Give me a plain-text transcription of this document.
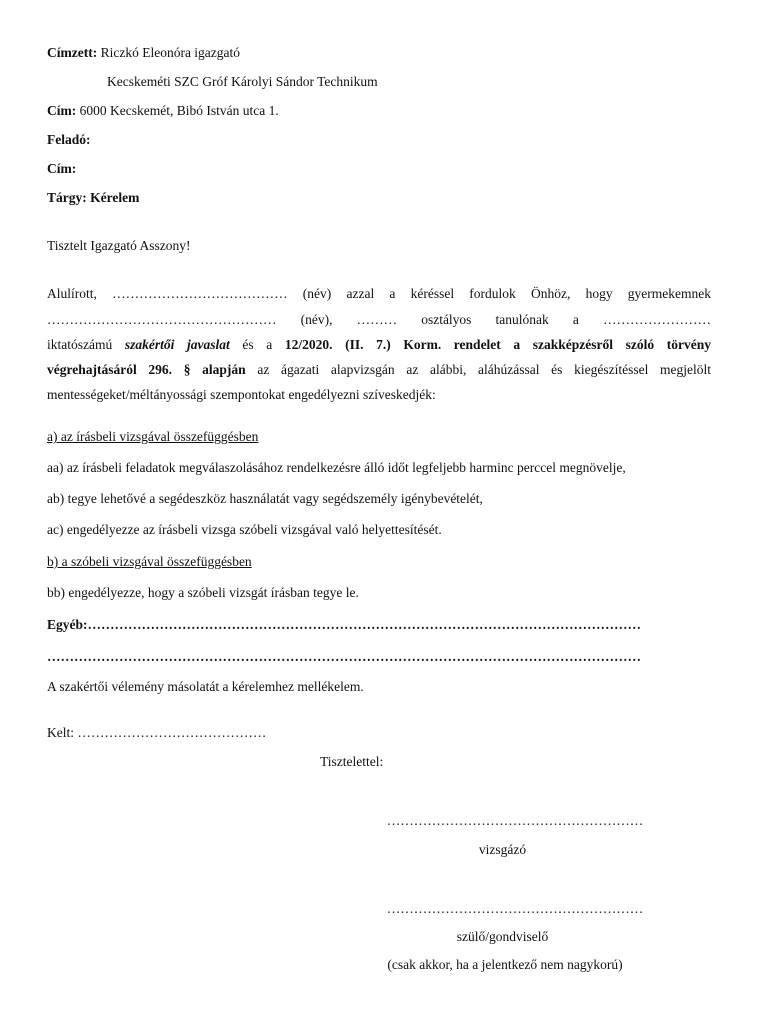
Címzett: Riczkó Eleonóra igazgató
Kecskeméti SZC Gróf Károlyi Sándor Technikum
Cím: 6000 Kecskemét, Bibó István utca 1.
Feladó:
Cím:
Tárgy: Kérelem
Tisztelt Igazgató Asszony!
Alulírott, ………………………………… (név) azzal a kéréssel fordulok Önhöz, hogy gyermekemnek
…………………………………………… (név), ……… osztályos tanulónak a ……………………
iktatószámú szakértői javaslat és a 12/2020. (II. 7.) Korm. rendelet a szakképzésről szóló törvény
végrehajtásáról 296. § alapján az ágazati alapvizsgán az alábbi, aláhúzással és kiegészítéssel megjelölt
mentességeket/méltányossági szempontokat engedélyezni szíveskedjék:
a) az írásbeli vizsgával összefüggésben
aa) az írásbeli feladatok megválaszolásához rendelkezésre álló időt legfeljebb harminc perccel megnövelje,
ab) tegye lehetővé a segédeszköz használatát vagy segédszemély igénybevételét,
ac) engedélyezze az írásbeli vizsga szóbeli vizsgával való helyettesítését.
b) a szóbeli vizsgával összefüggésben
bb) engedélyezze, hogy a szóbeli vizsgát írásban tegye le.
Egyéb:……………………………………………………………………………………………………………
……………………………………………………………………………………………………………………
A szakértői vélemény másolatát a kérelemhez mellékelem.
Kelt: ……………………………………
Tisztelettel:
…………………………………………………
vizsgázó
…………………………………………………
szülő/gondviselő
(csak akkor, ha a jelentkező nem nagykorú)
